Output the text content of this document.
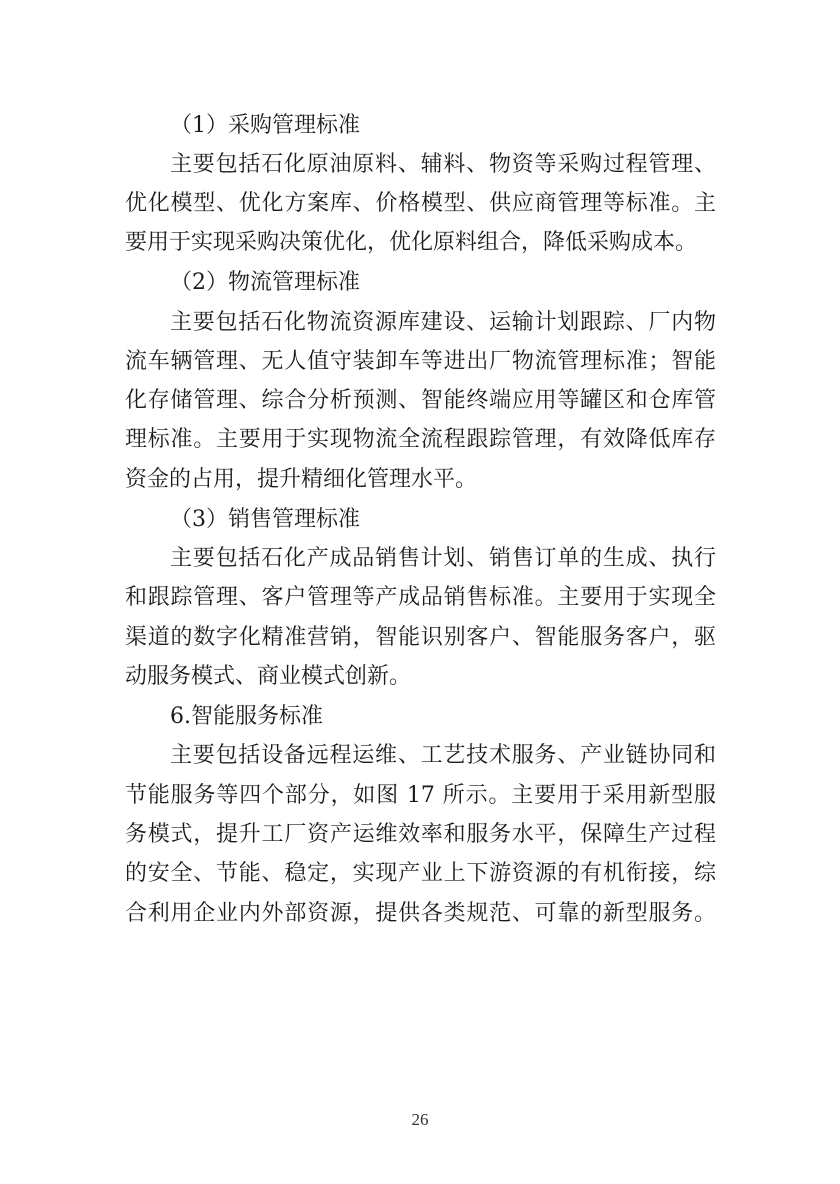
（1）采购管理标准
主要包括石化原油原料、辅料、物资等采购过程管理、
优化模型、优化方案库、价格模型、供应商管理等标准。主
要用于实现采购决策优化，优化原料组合，降低采购成本。
（2）物流管理标准
主要包括石化物流资源库建设、运输计划跟踪、厂内物
流车辆管理、无人值守装卸车等进出厂物流管理标准；智能
化存储管理、综合分析预测、智能终端应用等罐区和仓库管
理标准。主要用于实现物流全流程跟踪管理，有效降低库存
资金的占用，提升精细化管理水平。
（3）销售管理标准
主要包括石化产成品销售计划、销售订单的生成、执行
和跟踪管理、客户管理等产成品销售标准。主要用于实现全
渠道的数字化精准营销，智能识别客户、智能服务客户，驱
动服务模式、商业模式创新。
6.智能服务标准
主要包括设备远程运维、工艺技术服务、产业链协同和
节能服务等四个部分，如图 17 所示。主要用于采用新型服
务模式，提升工厂资产运维效率和服务水平，保障生产过程
的安全、节能、稳定，实现产业上下游资源的有机衔接，综
合利用企业内外部资源，提供各类规范、可靠的新型服务。
26
